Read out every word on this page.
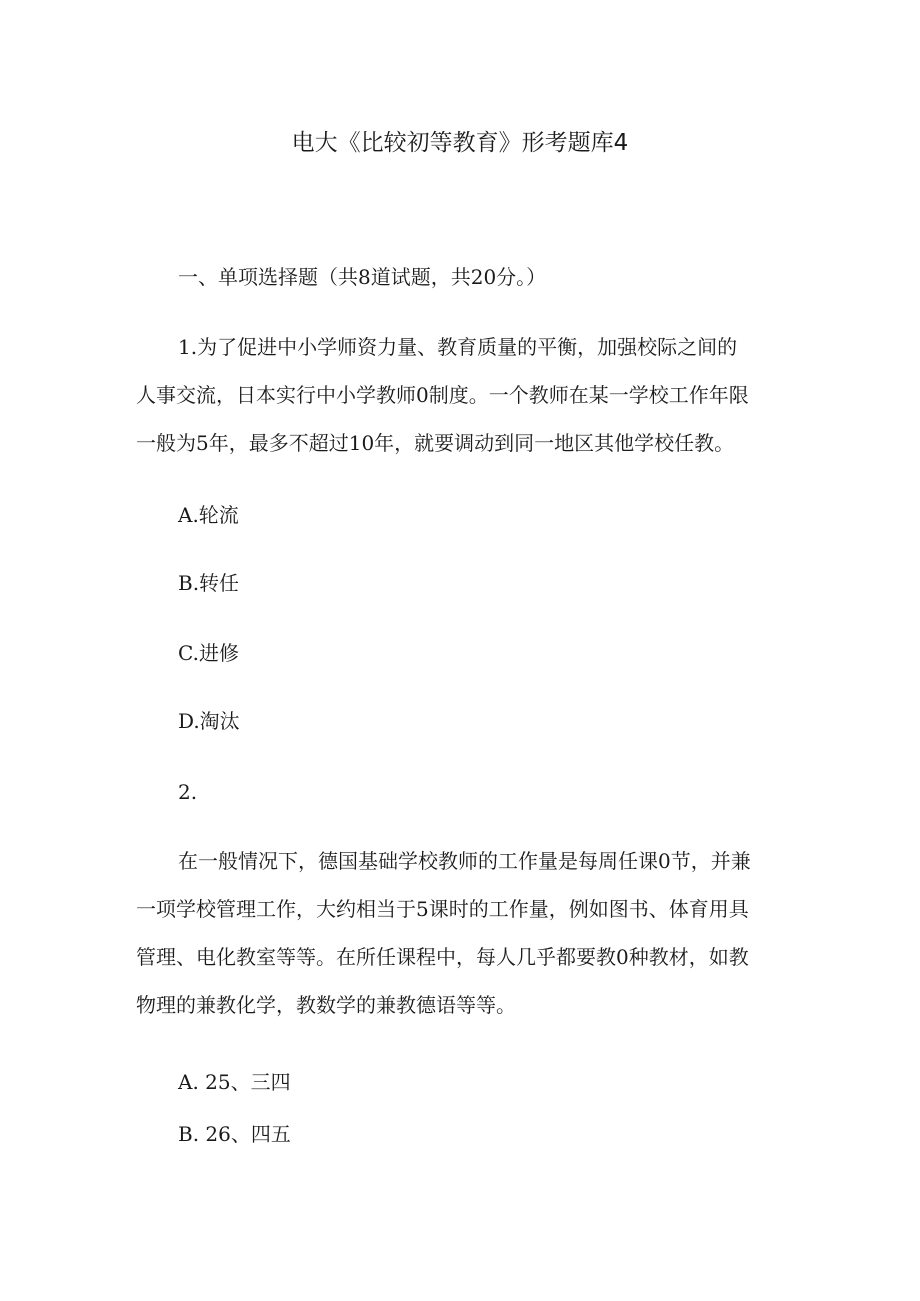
电大《比较初等教育》形考题库4

一、单项选择题（共8道试题，共20分。）

1.为了促进中小学师资力量、教育质量的平衡，加强校际之间的

人事交流，日本实行中小学教师0制度。一个教师在某一学校工作年限

一般为5年，最多不超过10年，就要调动到同一地区其他学校任教。

A.轮流

B.转任

C.进修

D.淘汰

2.

在一般情况下，德国基础学校教师的工作量是每周任课0节，并兼

一项学校管理工作，大约相当于5课时的工作量，例如图书、体育用具

管理、电化教室等等。在所任课程中，每人几乎都要教0种教材，如教

物理的兼教化学，教数学的兼教德语等等。

A. 25、三四

B. 26、四五
